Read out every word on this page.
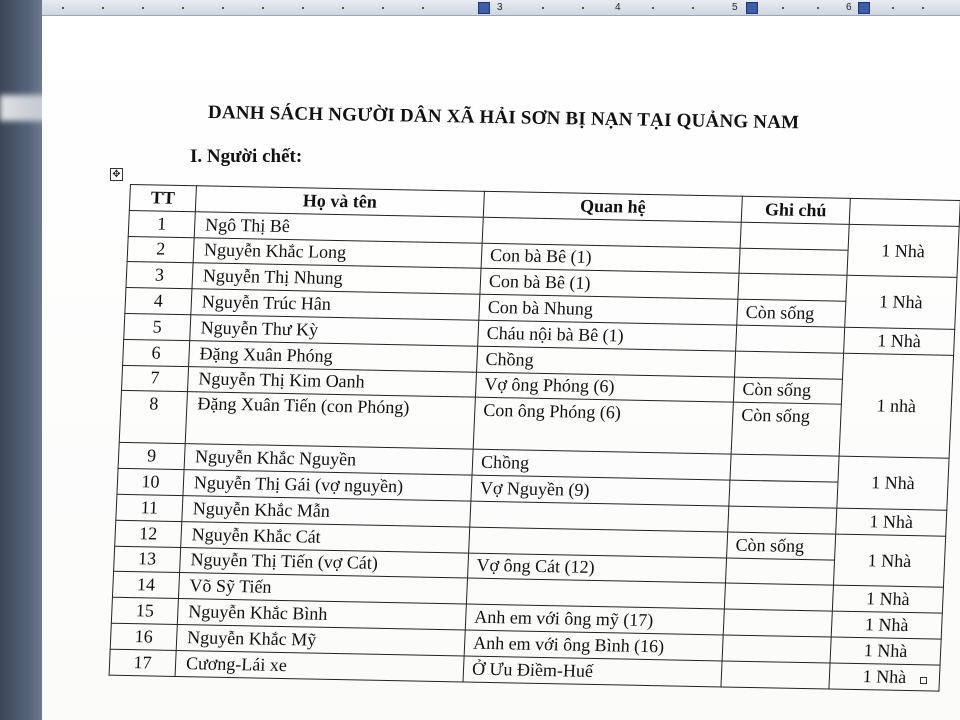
3	4	5	6
DANH SÁCH NGƯỜI DÂN XÃ HẢI SƠN BỊ NẠN TẠI QUẢNG NAM
I. Người chết:
✥
TT	Họ và tên	Quan hệ	Ghi chú	
1	Ngô Thị Bê			1 Nhà
2	Nguyễn Khắc Long	Con bà Bê (1)		
3	Nguyễn Thị Nhung	Con bà Bê (1)		1 Nhà
4	Nguyễn Trúc Hân	Con bà Nhung	Còn sống	
5	Nguyễn Thư Kỳ	Cháu nội bà Bê (1)		1 Nhà
6	Đặng Xuân Phóng	Chồng		1 nhà
7	Nguyễn Thị Kim Oanh	Vợ ông Phóng (6)	Còn sống	
8	Đặng Xuân Tiến (con Phóng)	Con ông Phóng (6)	Còn sống	
9	Nguyễn Khắc Nguyền	Chồng		1 Nhà
10	Nguyễn Thị Gái (vợ nguyền)	Vợ Nguyền (9)		
11	Nguyễn Khắc Mẫn			1 Nhà
12	Nguyễn Khắc Cát		Còn sống	1 Nhà
13	Nguyễn Thị Tiến (vợ Cát)	Vợ ông Cát (12)		
14	Võ Sỹ Tiến			1 Nhà
15	Nguyễn Khắc Bình	Anh em với ông mỹ (17)		1 Nhà
16	Nguyễn Khắc Mỹ	Anh em với ông Bình (16)		1 Nhà
17	Cương-Lái xe	Ở Ưu Điềm-Huế		1 Nhà
